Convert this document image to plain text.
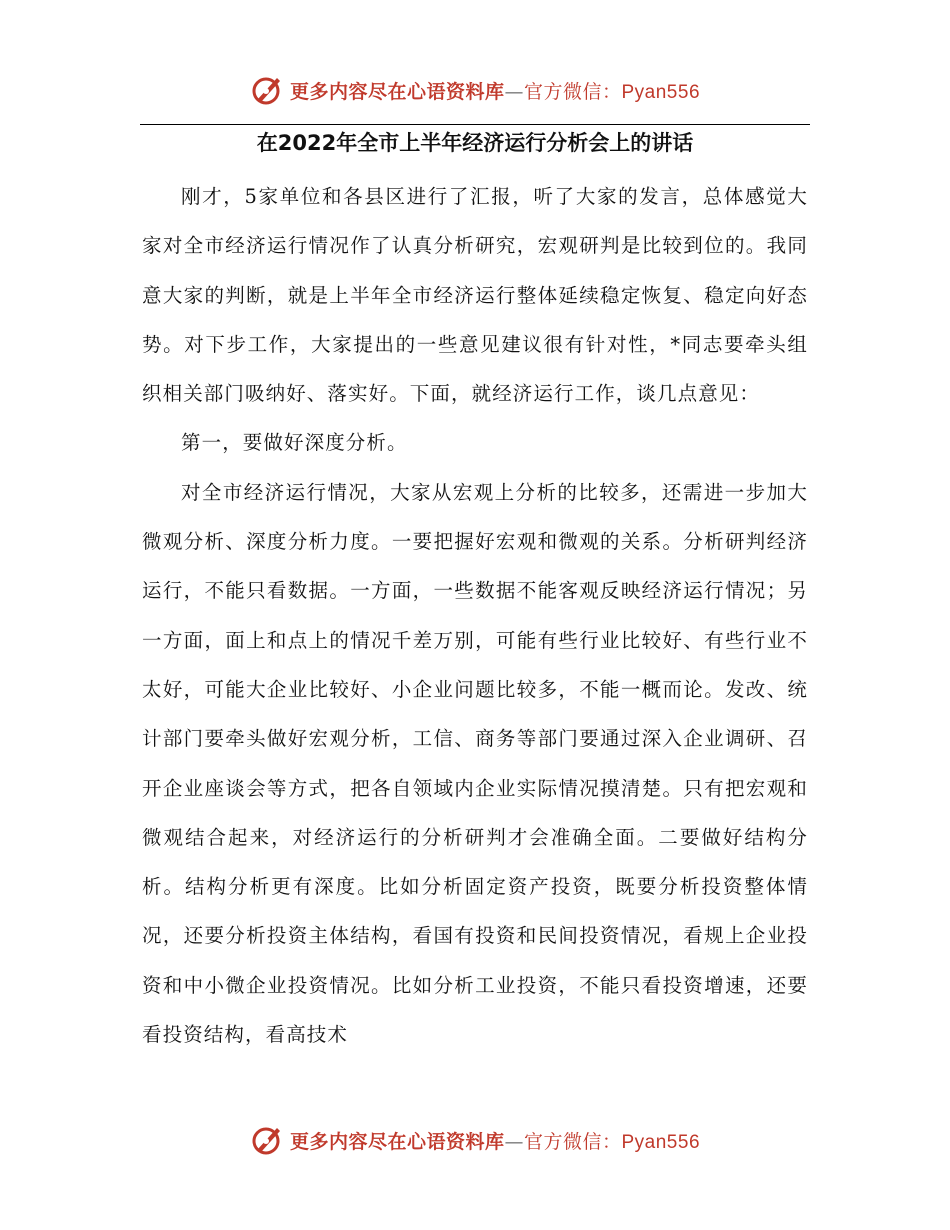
更多内容尽在心语资料库—官方微信：Pyan556
在2022年全市上半年经济运行分析会上的讲话

刚才，5家单位和各县区进行了汇报，听了大家的发言，总体感觉大家对全市经济运行情况作了认真分析研究，宏观研判是比较到位的。我同意大家的判断，就是上半年全市经济运行整体延续稳定恢复、稳定向好态势。对下步工作，大家提出的一些意见建议很有针对性，*同志要牵头组织相关部门吸纳好、落实好。下面，就经济运行工作，谈几点意见：

第一，要做好深度分析。

对全市经济运行情况，大家从宏观上分析的比较多，还需进一步加大微观分析、深度分析力度。一要把握好宏观和微观的关系。分析研判经济运行，不能只看数据。一方面，一些数据不能客观反映经济运行情况；另一方面，面上和点上的情况千差万别，可能有些行业比较好、有些行业不太好，可能大企业比较好、小企业问题比较多，不能一概而论。发改、统计部门要牵头做好宏观分析，工信、商务等部门要通过深入企业调研、召开企业座谈会等方式，把各自领域内企业实际情况摸清楚。只有把宏观和微观结合起来，对经济运行的分析研判才会准确全面。二要做好结构分析。结构分析更有深度。比如分析固定资产投资，既要分析投资整体情况，还要分析投资主体结构，看国有投资和民间投资情况，看规上企业投资和中小微企业投资情况。比如分析工业投资，不能只看投资增速，还要看投资结构，看高技术

更多内容尽在心语资料库—官方微信：Pyan556
